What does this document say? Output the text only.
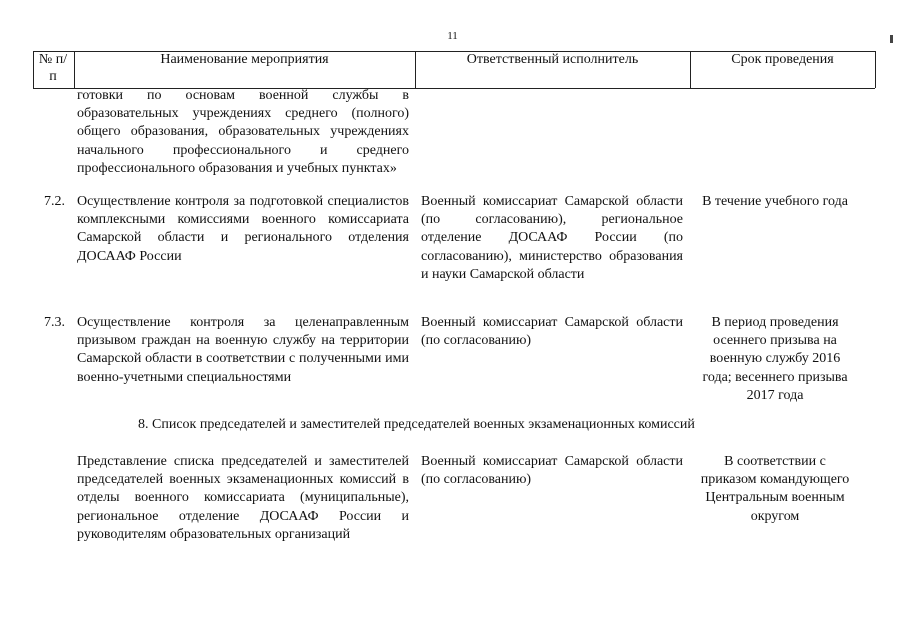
11
№ п/п
Наименование мероприятия	Ответственный исполнитель	Срок проведения
готовки по основам военной службы в образовательных учреждениях среднего (полного) общего образования, образовательных учреждениях начального профессионального и среднего профессионального образования и учебных пунктах»
7.2. Осуществление контроля за подготовкой специалистов комплексными комиссиями военного комиссариата Самарской области и регионального отделения ДОСААФ России
Военный комиссариат Самарской области (по согласованию), региональное отделение ДОСААФ России (по согласованию), министерство образования и науки Самарской области
В течение учебного года
7.3. Осуществление контроля за целенаправленным призывом граждан на военную службу на территории Самарской области в соответствии с полученными ими военно-учетными специальностями
Военный комиссариат Самарской области (по согласованию)
В период проведения осеннего призыва на военную службу 2016 года; весеннего призыва 2017 года
8. Список председателей и заместителей председателей военных экзаменационных комиссий
Представление списка председателей и заместителей председателей военных экзаменационных комиссий в отделы военного комиссариата (муниципальные), региональное отделение ДОСААФ России и руководителям образовательных организаций
Военный комиссариат Самарской области (по согласованию)
В соответствии с приказом командующего Центральным военным округом
